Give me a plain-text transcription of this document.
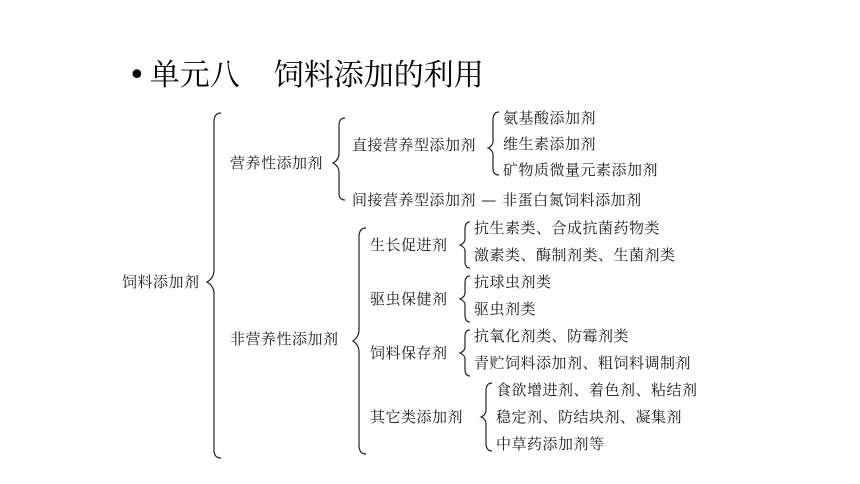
• 单元八 饲料添加的利用
饲料添加剂
营养性添加剂
直接营养型添加剂
氨基酸添加剂
维生素添加剂
矿物质微量元素添加剂
间接营养型添加剂 — 非蛋白氮饲料添加剂
非营养性添加剂
生长促进剂
抗生素类、合成抗菌药物类
激素类、酶制剂类、生菌剂类
驱虫保健剂
抗球虫剂类
驱虫剂类
饲料保存剂
抗氧化剂类、防霉剂类
青贮饲料添加剂、粗饲料调制剂
其它类添加剂
食欲增进剂、着色剂、粘结剂
稳定剂、防结块剂、凝集剂
中草药添加剂等
